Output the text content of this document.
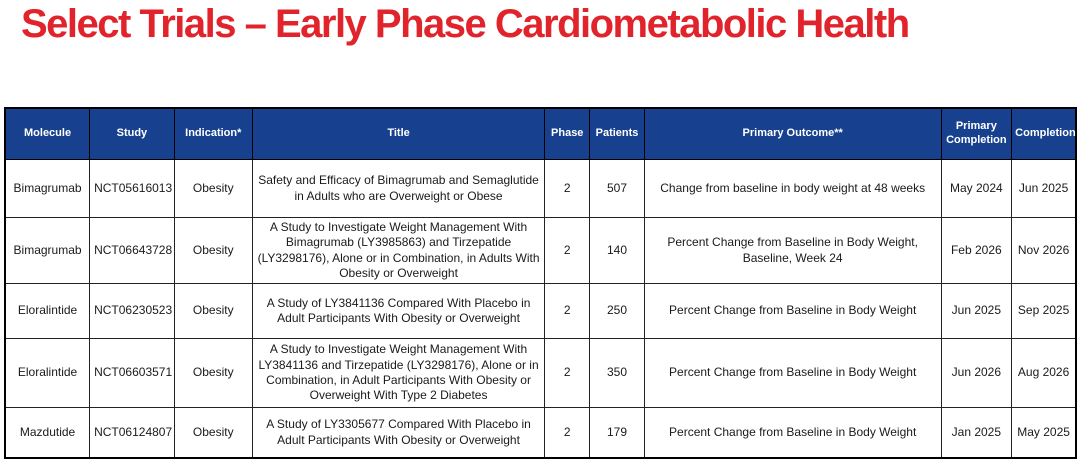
Select Trials – Early Phase Cardiometabolic Health
Molecule	Study	Indication*	Title	Phase	Patients	Primary Outcome**	Primary Completion	Completion
Bimagrumab	NCT05616013	Obesity	Safety and Efficacy of Bimagrumab and Semaglutide in Adults who are Overweight or Obese	2	507	Change from baseline in body weight at 48 weeks	May 2024	Jun 2025
Bimagrumab	NCT06643728	Obesity	A Study to Investigate Weight Management With Bimagrumab (LY3985863) and Tirzepatide (LY3298176), Alone or in Combination, in Adults With Obesity or Overweight	2	140	Percent Change from Baseline in Body Weight, Baseline, Week 24	Feb 2026	Nov 2026
Eloralintide	NCT06230523	Obesity	A Study of LY3841136 Compared With Placebo in Adult Participants With Obesity or Overweight	2	250	Percent Change from Baseline in Body Weight	Jun 2025	Sep 2025
Eloralintide	NCT06603571	Obesity	A Study to Investigate Weight Management With LY3841136 and Tirzepatide (LY3298176), Alone or in Combination, in Adult Participants With Obesity or Overweight With Type 2 Diabetes	2	350	Percent Change from Baseline in Body Weight	Jun 2026	Aug 2026
Mazdutide	NCT06124807	Obesity	A Study of LY3305677 Compared With Placebo in Adult Participants With Obesity or Overweight	2	179	Percent Change from Baseline in Body Weight	Jan 2025	May 2025
